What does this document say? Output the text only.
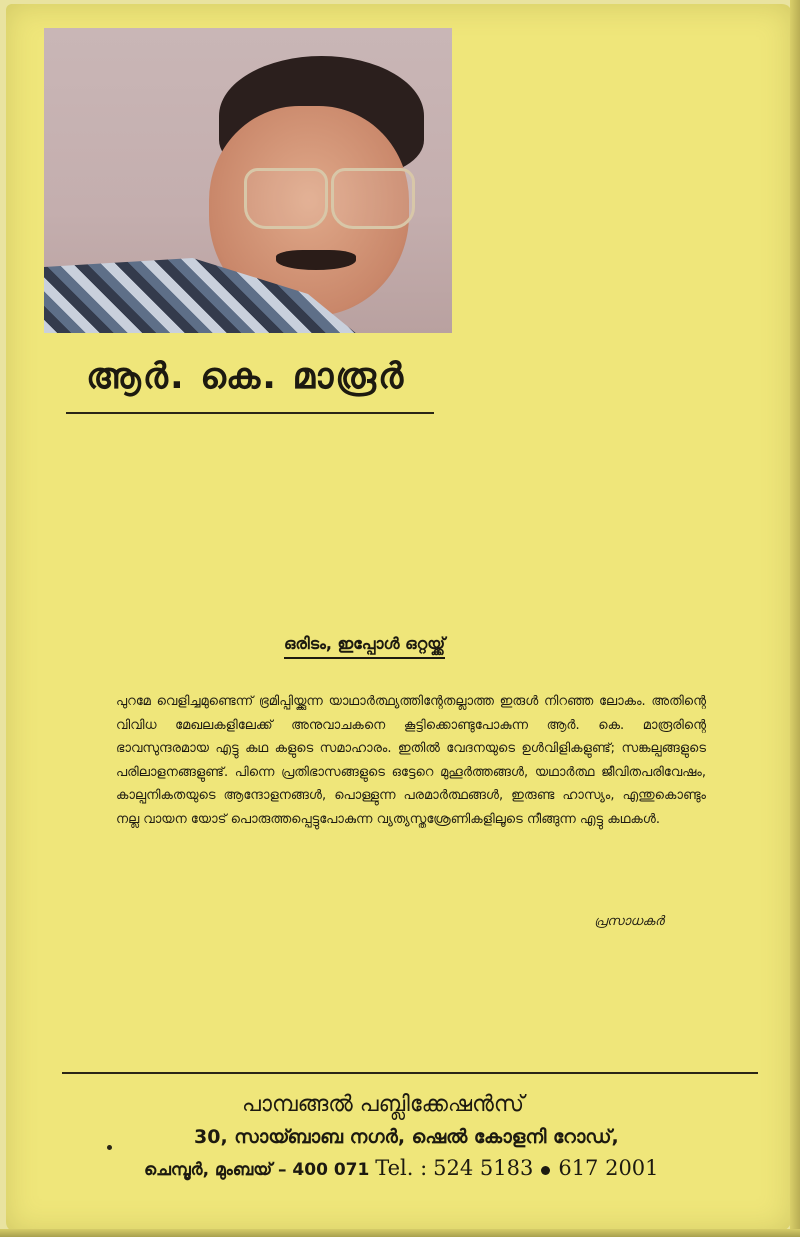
ആർ. കെ. മാരൂർ
ഒരിടം, ഇപ്പോൾ ഒറ്റയ്ക്ക്

പുറമേ വെളിച്ചമുണ്ടെന്ന് ഭ്രമിപ്പിയ്ക്കുന്ന യാഥാർത്ഥ്യത്തിന്റേതല്ലാത്ത ഇരുൾ നിറഞ്ഞ ലോകം. അതിന്റെ വിവിധ മേഖലകളിലേക്ക് അനുവാചകനെ കൂട്ടിക്കൊണ്ടുപോകുന്ന ആർ. കെ. മാരൂരിന്റെ ഭാവസുന്ദരമായ എട്ടു കഥ കളുടെ സമാഹാരം. ഇതിൽ വേദനയുടെ ഉൾവിളികളുണ്ട്; സങ്കല്പങ്ങളുടെ പരിലാളനങ്ങളുണ്ട്. പിന്നെ പ്രതിഭാസങ്ങളുടെ ഒട്ടേറെ മുഹൂർത്തങ്ങൾ, യഥാർത്ഥ ജീവിതപരിവേഷം, കാല്പനികതയുടെ ആന്ദോളനങ്ങൾ, പൊള്ളുന്ന പരമാർത്ഥങ്ങൾ, ഇരുണ്ട ഹാസ്യം, എന്തുകൊണ്ടും നല്ല വായന യോട് പൊരുത്തപ്പെട്ടുപോകുന്ന വ്യത്യസ്തശ്രേണികളിലൂടെ നീങ്ങുന്ന എട്ടു കഥകൾ.

പ്രസാധകർ
പാമ്പങ്ങൽ പബ്ലിക്കേഷൻസ്
30, സായ്ബാബ നഗർ, ഷെൽ കോളനി റോഡ്,
ചെമ്പൂർ, മുംബയ് – 400 071 Tel. : 524 5183 617 2001
